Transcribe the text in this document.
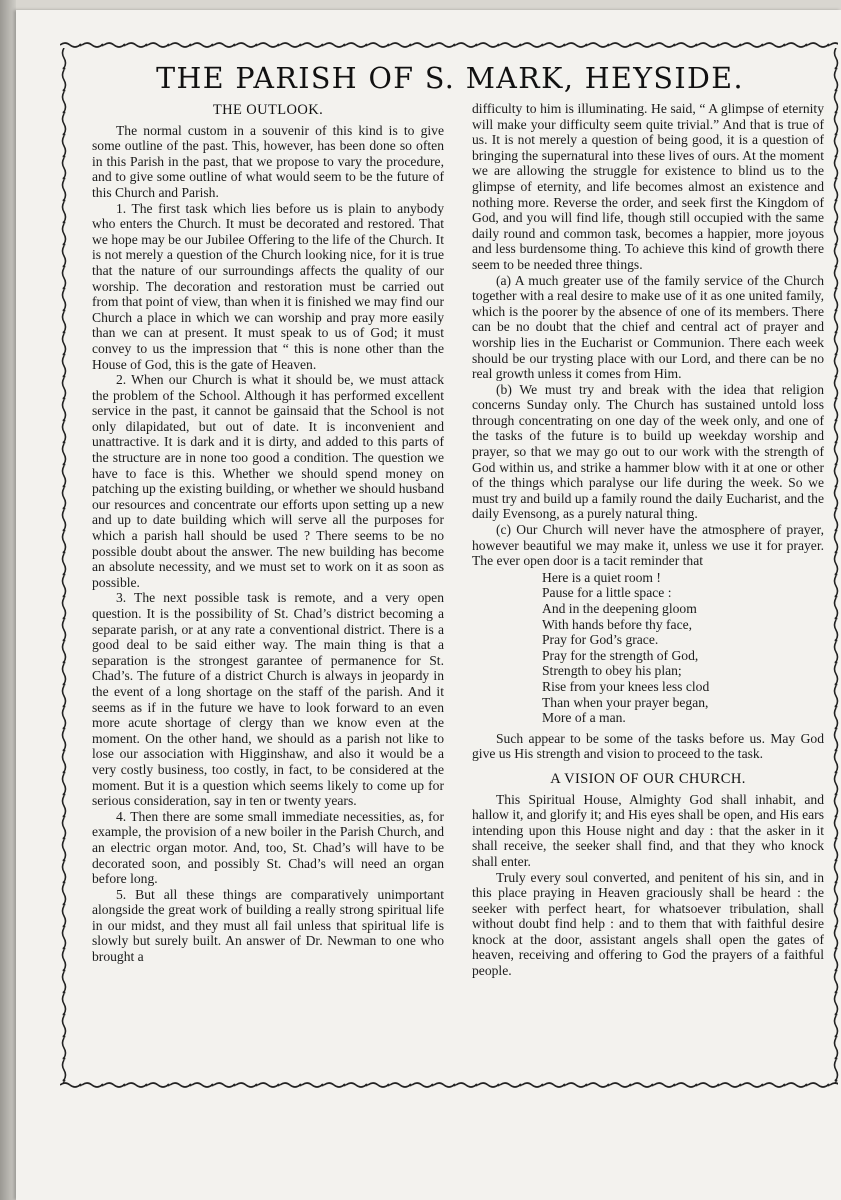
THE PARISH OF S. MARK, HEYSIDE.
THE OUTLOOK.

The normal custom in a souvenir of this kind is to give some outline of the past. This, however, has been done so often in this Parish in the past, that we propose to vary the procedure, and to give some outline of what would seem to be the future of this Church and Parish.

1. The first task which lies before us is plain to anybody who enters the Church. It must be decorated and restored. That we hope may be our Jubilee Offering to the life of the Church. It is not merely a question of the Church looking nice, for it is true that the nature of our surroundings affects the quality of our worship. The decoration and restoration must be carried out from that point of view, than when it is finished we may find our Church a place in which we can worship and pray more easily than we can at present. It must speak to us of God; it must convey to us the impression that “ this is none other than the House of God, this is the gate of Heaven.

2. When our Church is what it should be, we must attack the problem of the School. Although it has performed excellent service in the past, it cannot be gainsaid that the School is not only dilapidated, but out of date. It is inconvenient and unattractive. It is dark and it is dirty, and added to this parts of the structure are in none too good a condition. The question we have to face is this. Whether we should spend money on patching up the existing building, or whether we should husband our resources and concentrate our efforts upon setting up a new and up to date building which will serve all the purposes for which a parish hall should be used ? There seems to be no possible doubt about the answer. The new building has become an absolute necessity, and we must set to work on it as soon as possible.

3. The next possible task is remote, and a very open question. It is the possibility of St. Chad’s district becoming a separate parish, or at any rate a conventional district. There is a good deal to be said either way. The main thing is that a separation is the strongest garantee of permanence for St. Chad’s. The future of a district Church is always in jeopardy in the event of a long shortage on the staff of the parish. And it seems as if in the future we have to look forward to an even more acute shortage of clergy than we know even at the moment. On the other hand, we should as a parish not like to lose our association with Higginshaw, and also it would be a very costly business, too costly, in fact, to be considered at the moment. But it is a question which seems likely to come up for serious consideration, say in ten or twenty years.

4. Then there are some small immediate necessities, as, for example, the provision of a new boiler in the Parish Church, and an electric organ motor. And, too, St. Chad’s will have to be decorated soon, and possibly St. Chad’s will need an organ before long.

5. But all these things are comparatively unimportant alongside the great work of building a really strong spiritual life in our midst, and they must all fail unless that spiritual life is slowly but surely built. An answer of Dr. Newman to one who brought a

difficulty to him is illuminating. He said, “ A glimpse of eternity will make your difficulty seem quite trivial.” And that is true of us. It is not merely a question of being good, it is a question of bringing the supernatural into these lives of ours. At the moment we are allowing the struggle for existence to blind us to the glimpse of eternity, and life becomes almost an existence and nothing more. Reverse the order, and seek first the Kingdom of God, and you will find life, though still occupied with the same daily round and common task, becomes a happier, more joyous and less burdensome thing. To achieve this kind of growth there seem to be needed three things.

(a) A much greater use of the family service of the Church together with a real desire to make use of it as one united family, which is the poorer by the absence of one of its members. There can be no doubt that the chief and central act of prayer and worship lies in the Eucharist or Communion. There each week should be our trysting place with our Lord, and there can be no real growth unless it comes from Him.

(b) We must try and break with the idea that religion concerns Sunday only. The Church has sustained untold loss through concentrating on one day of the week only, and one of the tasks of the future is to build up weekday worship and prayer, so that we may go out to our work with the strength of God within us, and strike a hammer blow with it at one or other of the things which paralyse our life during the week. So we must try and build up a family round the daily Eucharist, and the daily Evensong, as a purely natural thing.

(c) Our Church will never have the atmosphere of prayer, however beautiful we may make it, unless we use it for prayer. The ever open door is a tacit reminder that

Here is a quiet room !
Pause for a little space :
And in the deepening gloom
With hands before thy face,
Pray for God’s grace.
Pray for the strength of God,
Strength to obey his plan;
Rise from your knees less clod
Than when your prayer began,
More of a man.

Such appear to be some of the tasks before us. May God give us His strength and vision to proceed to the task.

A VISION OF OUR CHURCH.

This Spiritual House, Almighty God shall inhabit, and hallow it, and glorify it; and His eyes shall be open, and His ears intending upon this House night and day : that the asker in it shall receive, the seeker shall find, and that they who knock shall enter.

Truly every soul converted, and penitent of his sin, and in this place praying in Heaven graciously shall be heard : the seeker with perfect heart, for whatsoever tribulation, shall without doubt find help : and to them that with faithful desire knock at the door, assistant angels shall open the gates of heaven, receiving and offering to God the prayers of a faithful people.
